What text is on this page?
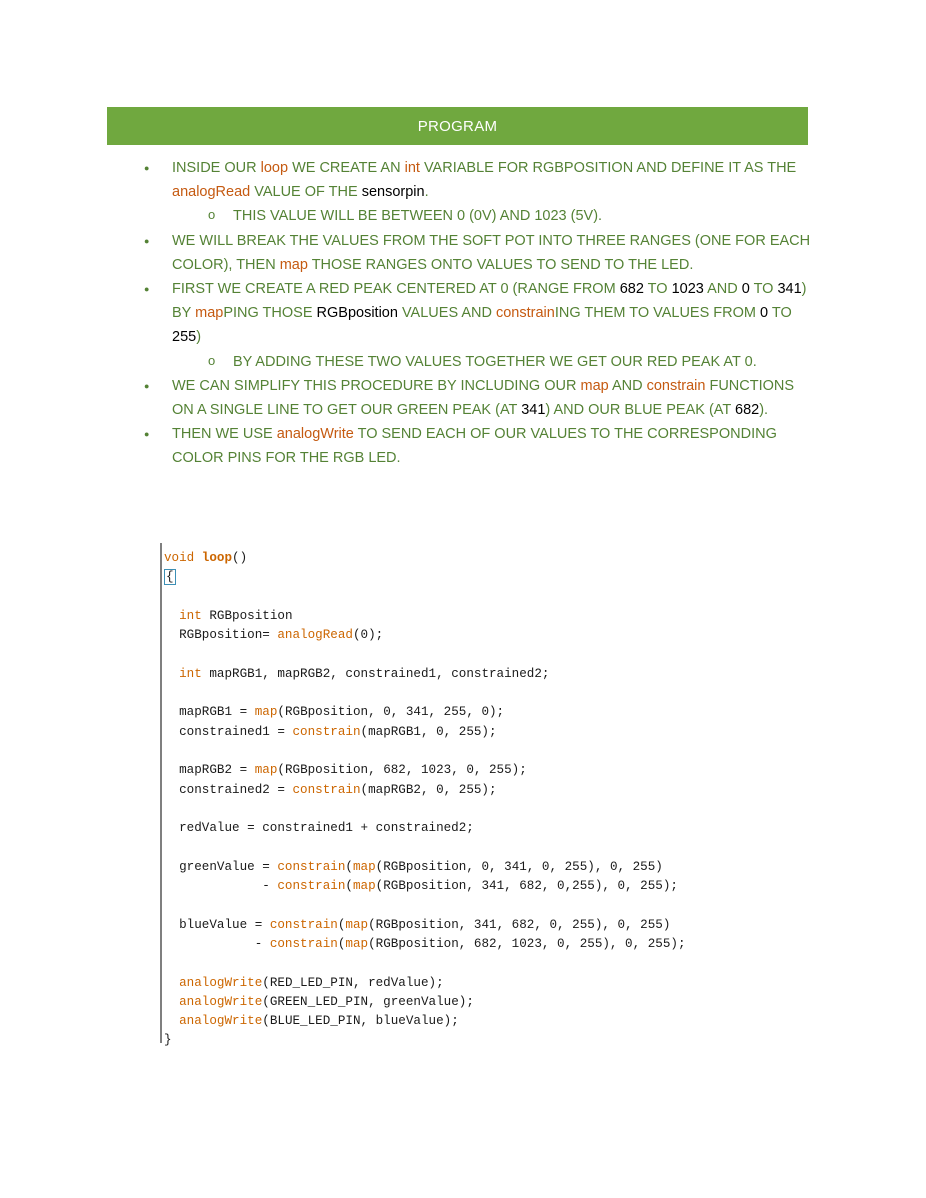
PROGRAM
● INSIDE OUR loop WE CREATE AN int VARIABLE FOR RGBPOSITION AND DEFINE IT AS THE analogRead VALUE OF THE sensorpin.
o THIS VALUE WILL BE BETWEEN 0 (0V) AND 1023 (5V).
● WE WILL BREAK THE VALUES FROM THE SOFT POT INTO THREE RANGES (ONE FOR EACH COLOR), THEN map THOSE RANGES ONTO VALUES TO SEND TO THE LED.
● FIRST WE CREATE A RED PEAK CENTERED AT 0 (RANGE FROM 682 TO 1023 AND 0 TO 341) BY mapPING THOSE RGBposition VALUES AND constrainING THEM TO VALUES FROM 0 TO 255)
o BY ADDING THESE TWO VALUES TOGETHER WE GET OUR RED PEAK AT 0.
● WE CAN SIMPLIFY THIS PROCEDURE BY INCLUDING OUR map AND constrain FUNCTIONS ON A SINGLE LINE TO GET OUR GREEN PEAK (AT 341) AND OUR BLUE PEAK (AT 682).
● THEN WE USE analogWrite TO SEND EACH OF OUR VALUES TO THE CORRESPONDING COLOR PINS FOR THE RGB LED.
void loop()
{

int RGBposition
RGBposition= analogRead(0);

int mapRGB1, mapRGB2, constrained1, constrained2;

mapRGB1 = map(RGBposition, 0, 341, 255, 0);
constrained1 = constrain(mapRGB1, 0, 255);

mapRGB2 = map(RGBposition, 682, 1023, 0, 255);
constrained2 = constrain(mapRGB2, 0, 255);

redValue = constrained1 + constrained2;

greenValue = constrain(map(RGBposition, 0, 341, 0, 255), 0, 255)
- constrain(map(RGBposition, 341, 682, 0,255), 0, 255);

blueValue = constrain(map(RGBposition, 341, 682, 0, 255), 0, 255)
- constrain(map(RGBposition, 682, 1023, 0, 255), 0, 255);

analogWrite(RED_LED_PIN, redValue);
analogWrite(GREEN_LED_PIN, greenValue);
analogWrite(BLUE_LED_PIN, blueValue);
}
